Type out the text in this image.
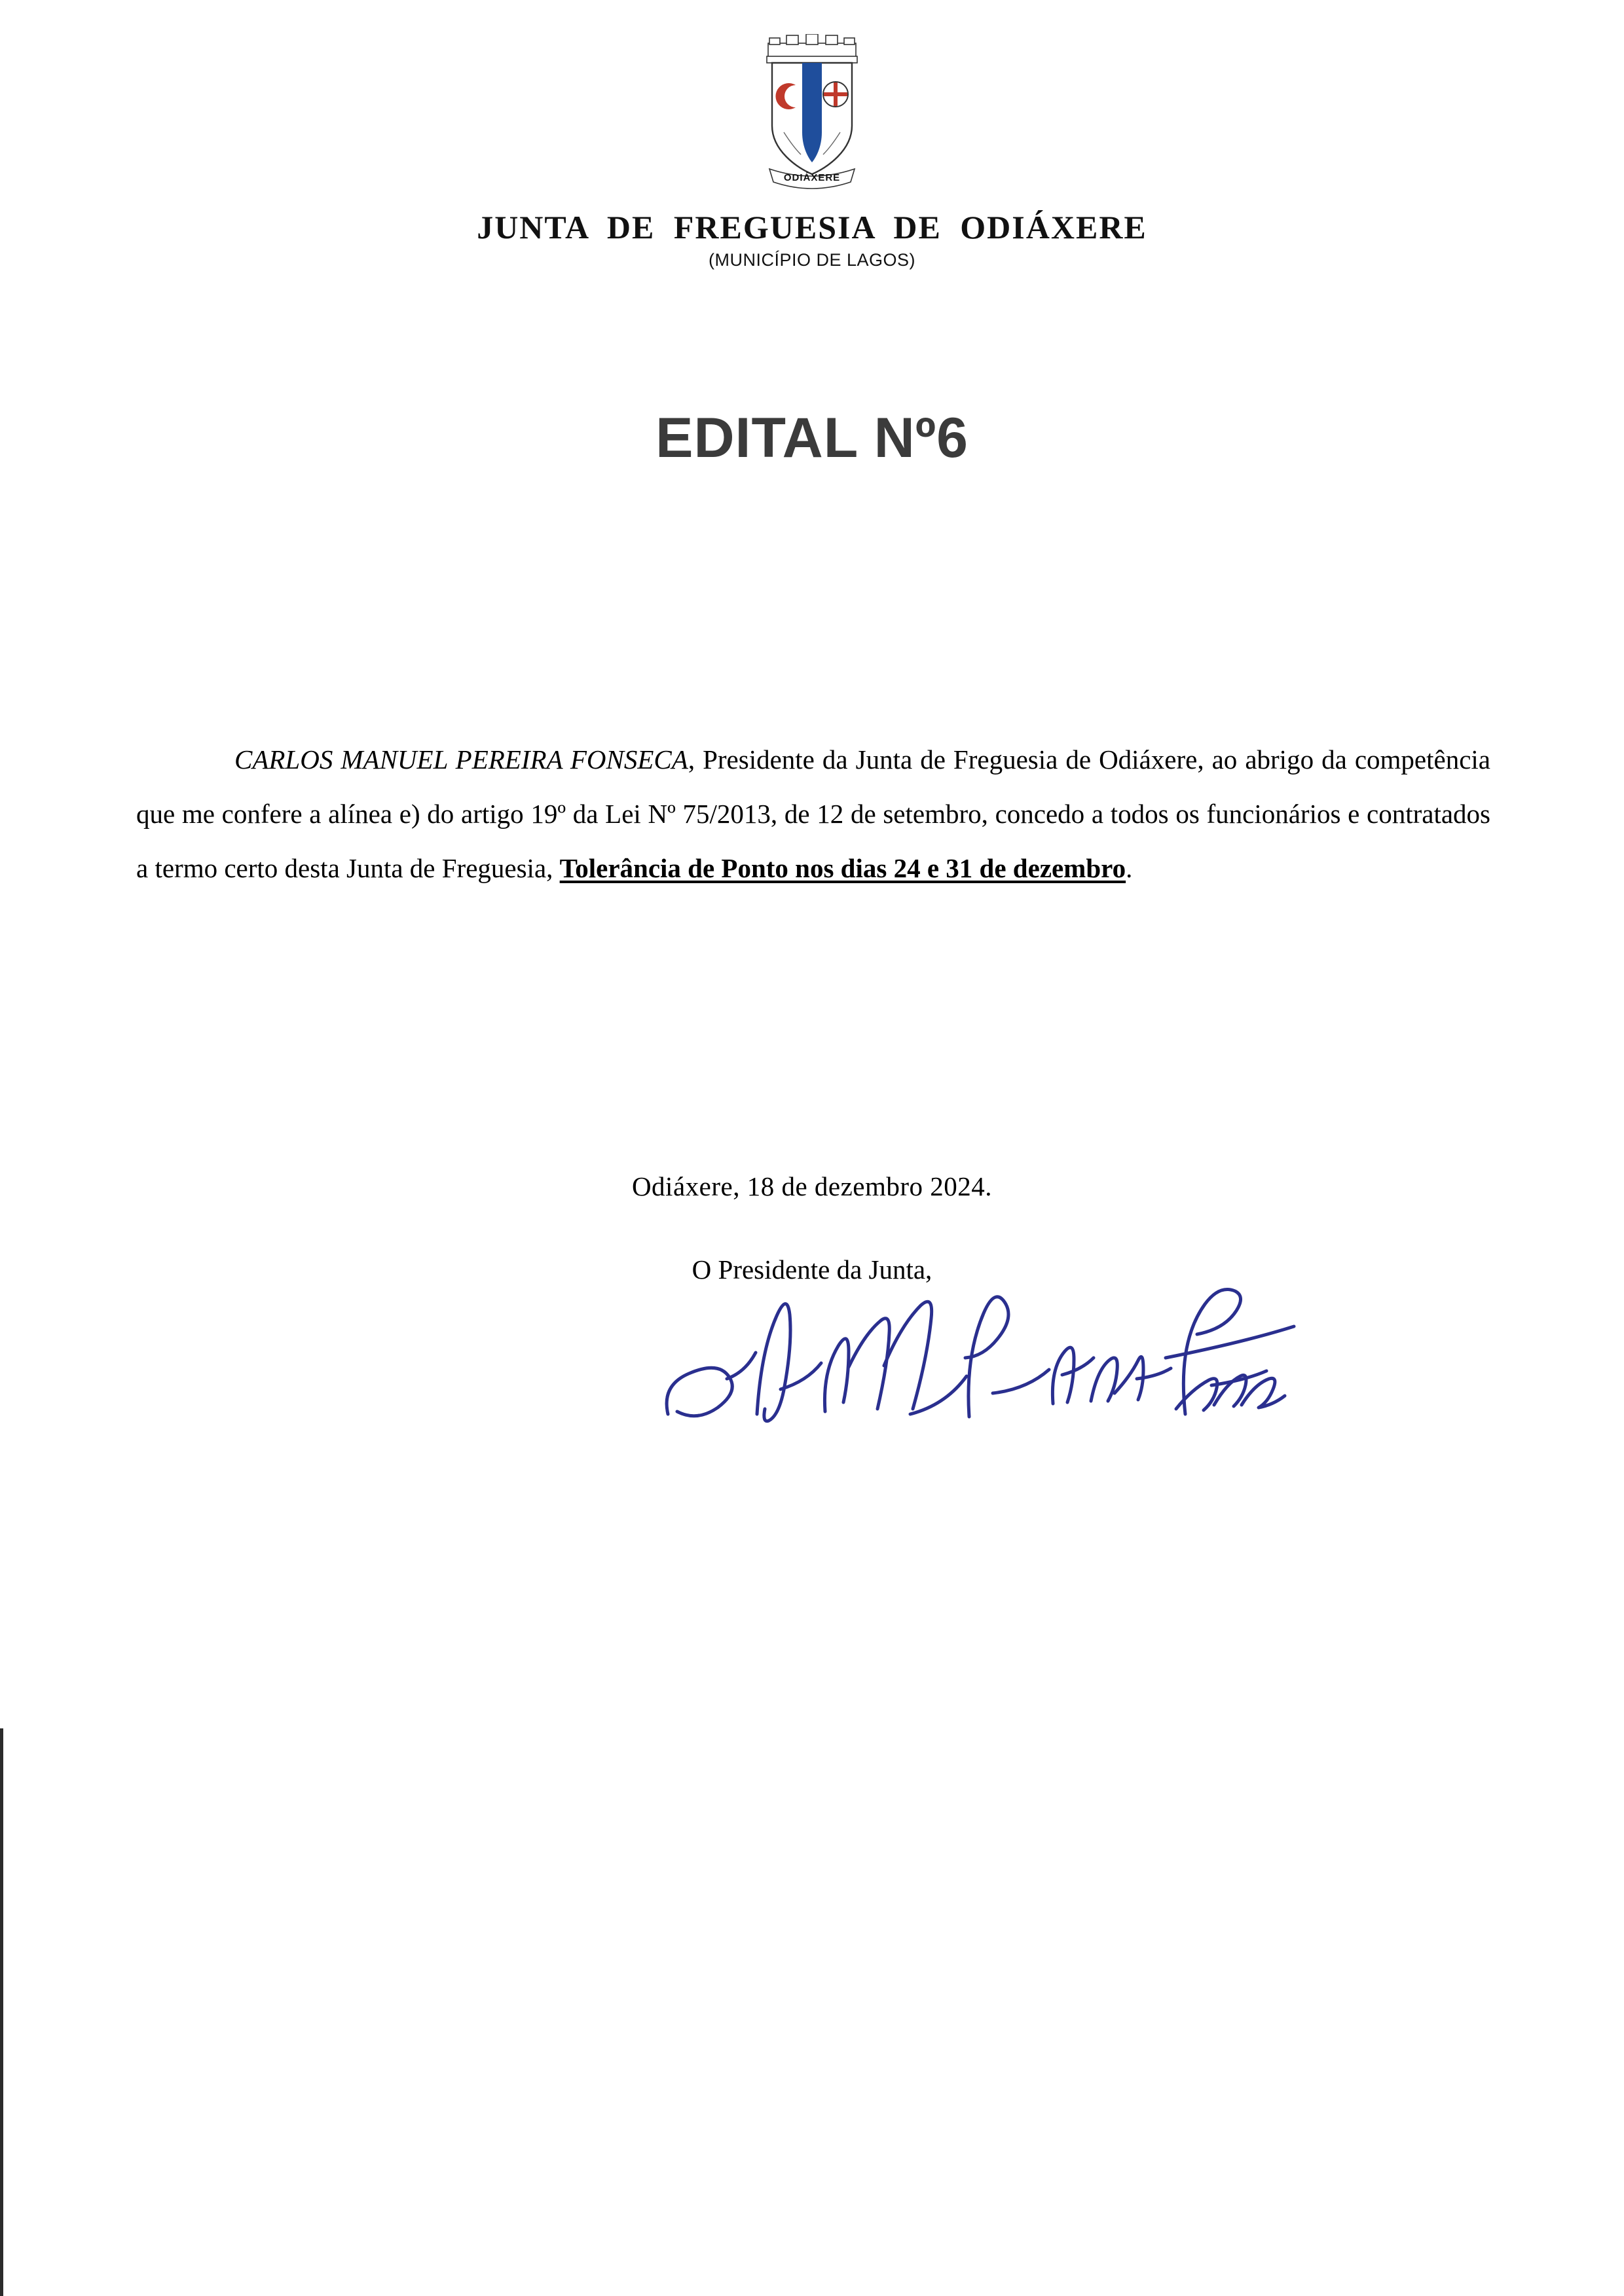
ODIÁXERE
JUNTA DE FREGUESIA DE ODIÁXERE
(MUNICÍPIO DE LAGOS)
EDITAL Nº6

CARLOS MANUEL PEREIRA FONSECA, Presidente da Junta de Freguesia de Odiáxere, ao abrigo da competência que me confere a alínea e) do artigo 19º da Lei Nº 75/2013, de 12 de setembro, concedo a todos os funcionários e contratados a termo certo desta Junta de Freguesia, Tolerância de Ponto nos dias 24 e 31 de dezembro.

Odiáxere, 18 de dezembro 2024.
O Presidente da Junta,
